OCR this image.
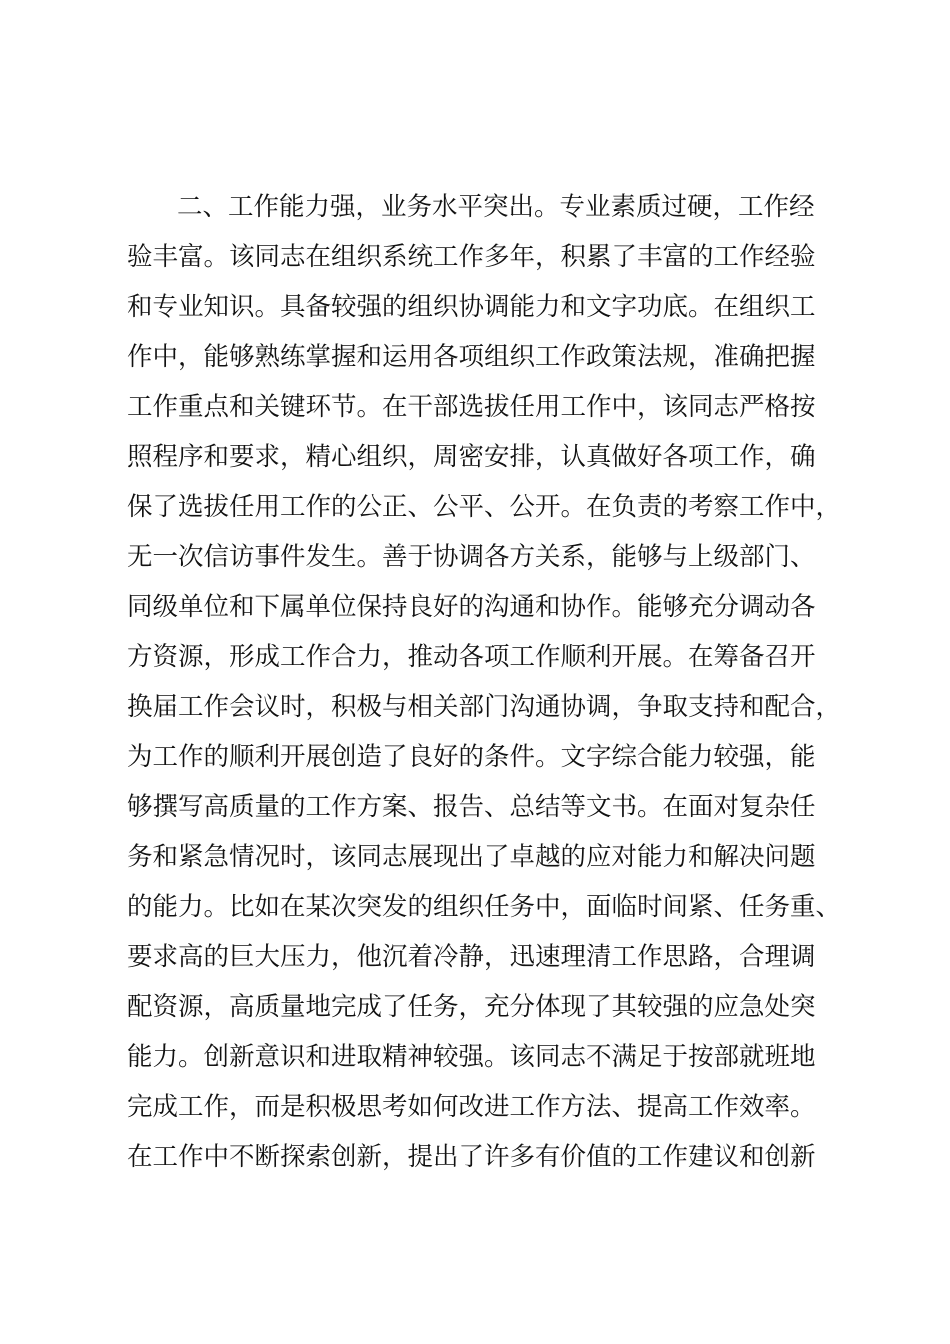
二、工作能力强，业务水平突出。专业素质过硬，工作经
验丰富。该同志在组织系统工作多年，积累了丰富的工作经验
和专业知识。具备较强的组织协调能力和文字功底。在组织工
作中，能够熟练掌握和运用各项组织工作政策法规，准确把握
工作重点和关键环节。在干部选拔任用工作中，该同志严格按
照程序和要求，精心组织，周密安排，认真做好各项工作，确
保了选拔任用工作的公正、公平、公开。在负责的考察工作中，
无一次信访事件发生。善于协调各方关系，能够与上级部门、
同级单位和下属单位保持良好的沟通和协作。能够充分调动各
方资源，形成工作合力，推动各项工作顺利开展。在筹备召开
换届工作会议时，积极与相关部门沟通协调，争取支持和配合，
为工作的顺利开展创造了良好的条件。文字综合能力较强，能
够撰写高质量的工作方案、报告、总结等文书。在面对复杂任
务和紧急情况时，该同志展现出了卓越的应对能力和解决问题
的能力。比如在某次突发的组织任务中，面临时间紧、任务重、
要求高的巨大压力，他沉着冷静，迅速理清工作思路，合理调
配资源，高质量地完成了任务，充分体现了其较强的应急处突
能力。创新意识和进取精神较强。该同志不满足于按部就班地
完成工作，而是积极思考如何改进工作方法、提高工作效率。
在工作中不断探索创新，提出了许多有价值的工作建议和创新
